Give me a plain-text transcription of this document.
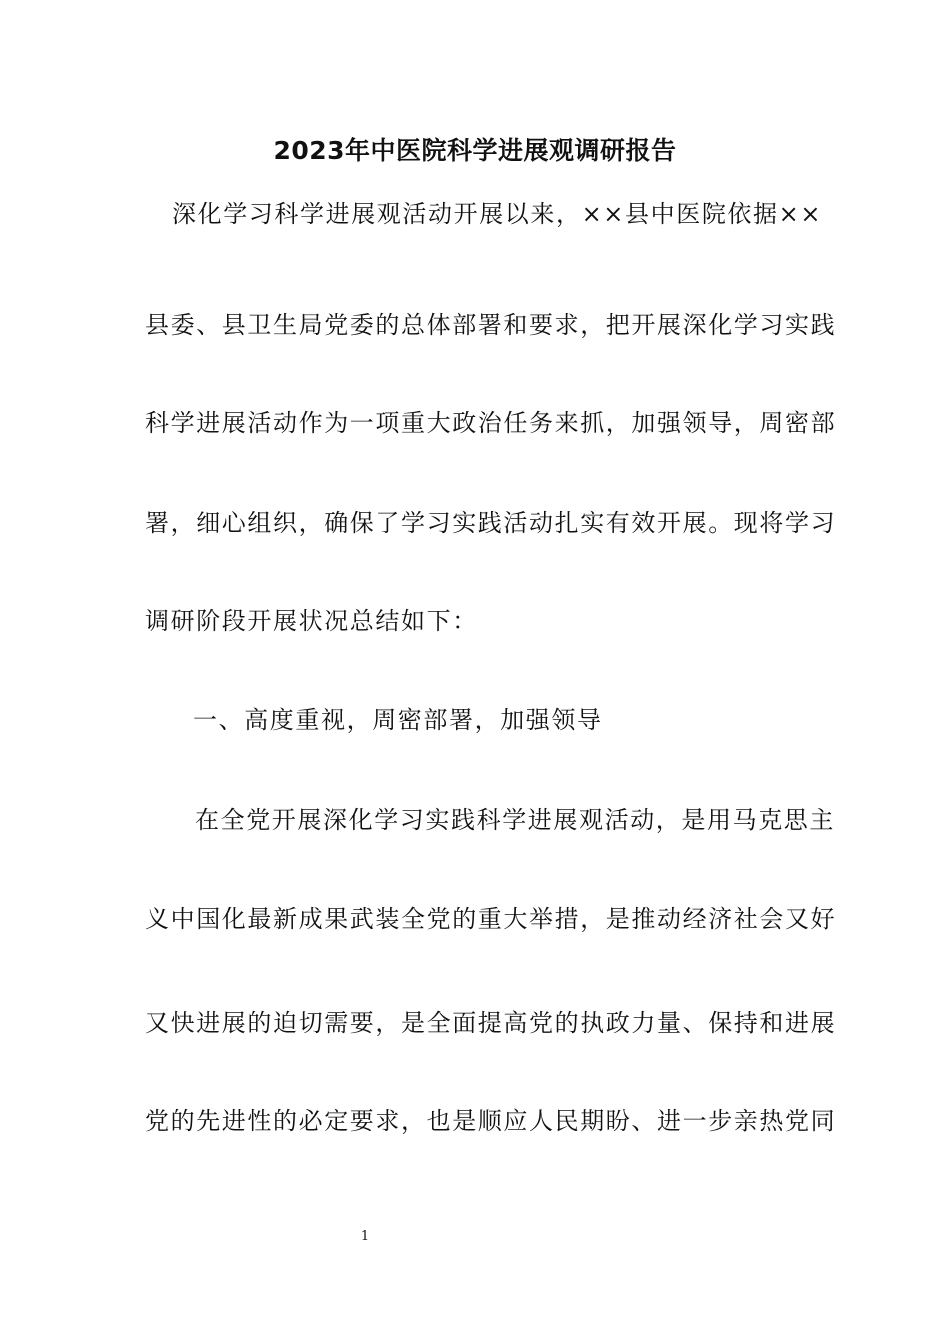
2023年中医院科学进展观调研报告
深化学习科学进展观活动开展以来，××县中医院依据××
县委、县卫生局党委的总体部署和要求，把开展深化学习实践
科学进展活动作为一项重大政治任务来抓，加强领导，周密部
署，细心组织，确保了学习实践活动扎实有效开展。现将学习
调研阶段开展状况总结如下：
一、高度重视，周密部署，加强领导
在全党开展深化学习实践科学进展观活动，是用马克思主
义中国化最新成果武装全党的重大举措，是推动经济社会又好
又快进展的迫切需要，是全面提高党的执政力量、保持和进展
党的先进性的必定要求，也是顺应人民期盼、进一步亲热党同
1
